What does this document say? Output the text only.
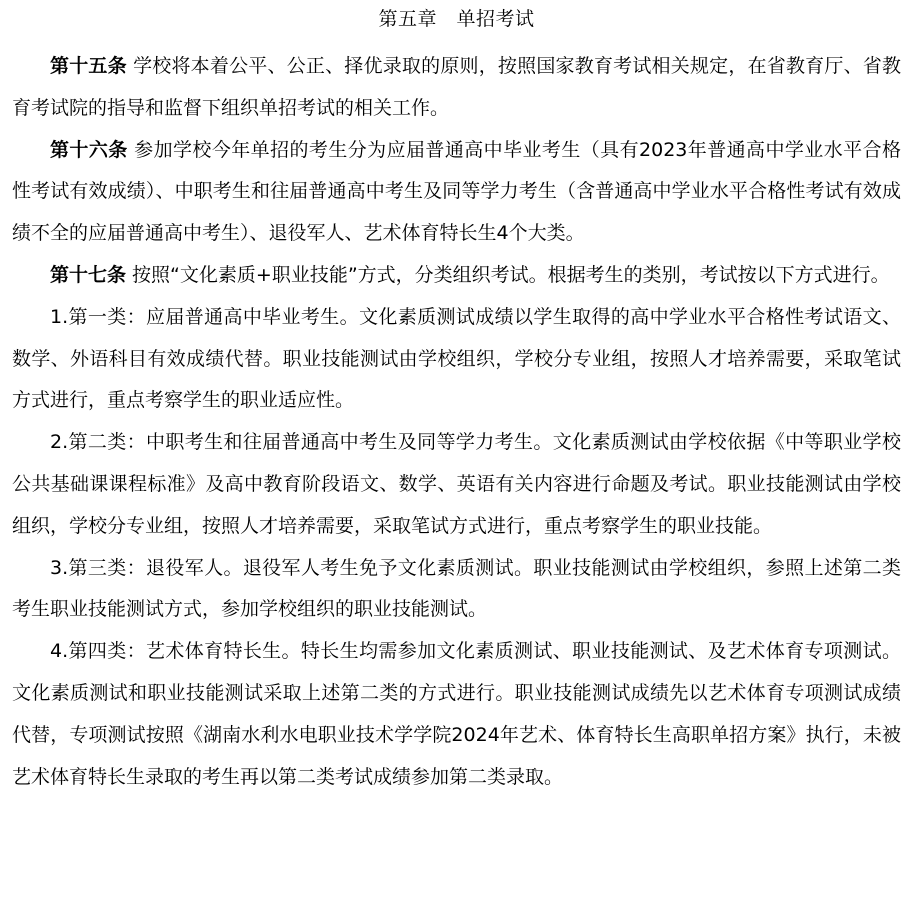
第五章　单招考试

第十五条 学校将本着公平、公正、择优录取的原则，按照国家教育考试相关规定，在省教育厅、省教育考试院的指导和监督下组织单招考试的相关工作。

第十六条 参加学校今年单招的考生分为应届普通高中毕业考生（具有2023年普通高中学业水平合格性考试有效成绩）、中职考生和往届普通高中考生及同等学力考生（含普通高中学业水平合格性考试有效成绩不全的应届普通高中考生）、退役军人、艺术体育特长生4个大类。

第十七条 按照“文化素质+职业技能”方式，分类组织考试。根据考生的类别，考试按以下方式进行。

1.第一类：应届普通高中毕业考生。文化素质测试成绩以学生取得的高中学业水平合格性考试语文、数学、外语科目有效成绩代替。职业技能测试由学校组织，学校分专业组，按照人才培养需要，采取笔试方式进行，重点考察学生的职业适应性。

2.第二类：中职考生和往届普通高中考生及同等学力考生。文化素质测试由学校依据《中等职业学校公共基础课课程标准》及高中教育阶段语文、数学、英语有关内容进行命题及考试。职业技能测试由学校组织，学校分专业组，按照人才培养需要，采取笔试方式进行，重点考察学生的职业技能。

3.第三类：退役军人。退役军人考生免予文化素质测试。职业技能测试由学校组织，参照上述第二类考生职业技能测试方式，参加学校组织的职业技能测试。

4.第四类：艺术体育特长生。特长生均需参加文化素质测试、职业技能测试、及艺术体育专项测试。文化素质测试和职业技能测试采取上述第二类的方式进行。职业技能测试成绩先以艺术体育专项测试成绩代替，专项测试按照《湖南水利水电职业技术学学院2024年艺术、体育特长生高职单招方案》执行，未被艺术体育特长生录取的考生再以第二类考试成绩参加第二类录取。
